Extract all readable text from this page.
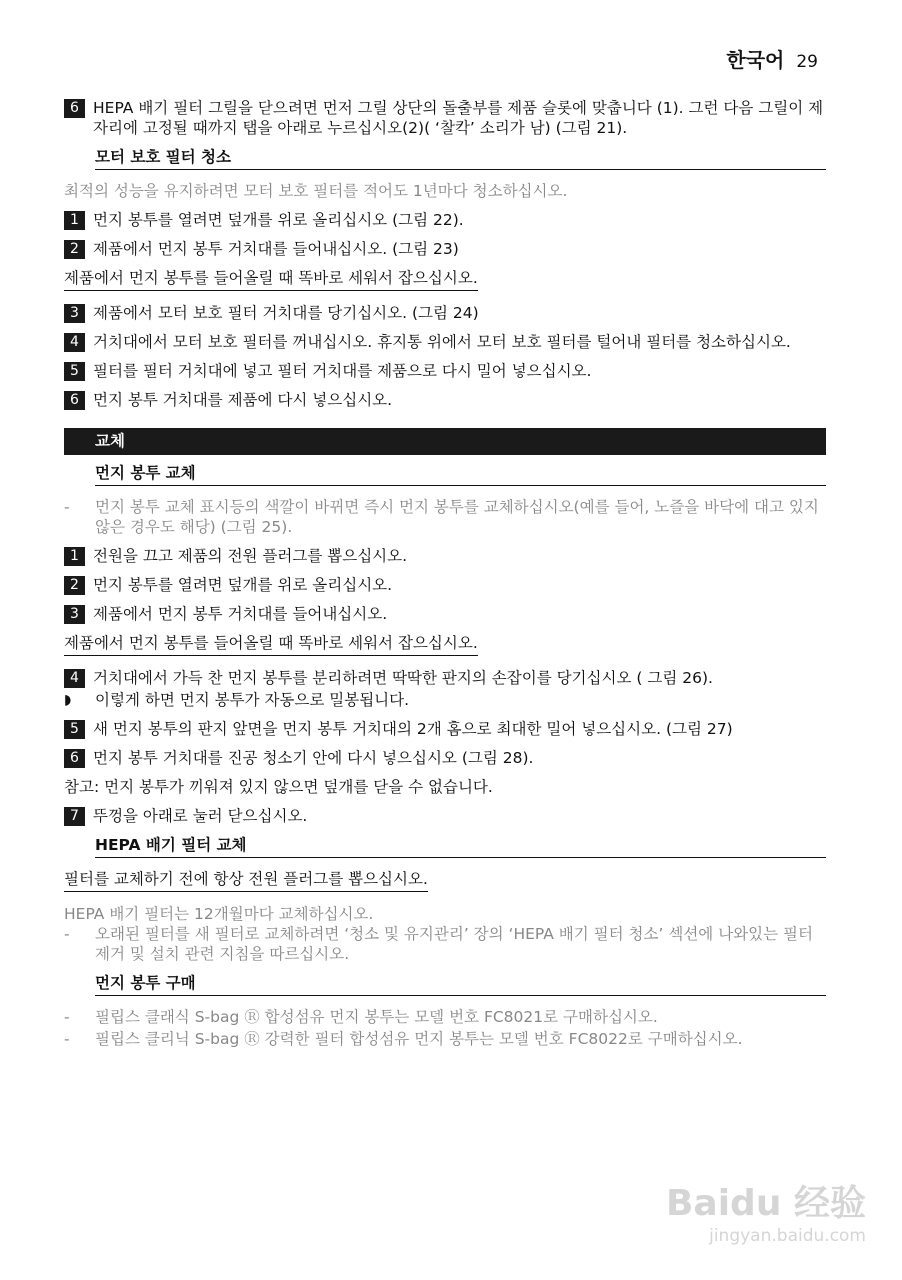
한국어 29
6 HEPA 배기 필터 그릴을 닫으려면 먼저 그릴 상단의 돌출부를 제품 슬롯에 맞춥니다 (1). 그런 다음 그릴이 제자리에 고정될 때까지 탭을 아래로 누르십시오(2)( ‘찰칵’ 소리가 남) (그림 21).
모터 보호 필터 청소
최적의 성능을 유지하려면 모터 보호 필터를 적어도 1년마다 청소하십시오.
1 먼지 봉투를 열려면 덮개를 위로 올리십시오 (그림 22).
2 제품에서 먼지 봉투 거치대를 들어내십시오. (그림 23)
제품에서 먼지 봉투를 들어올릴 때 똑바로 세워서 잡으십시오.
3 제품에서 모터 보호 필터 거치대를 당기십시오. (그림 24)
4 거치대에서 모터 보호 필터를 꺼내십시오. 휴지통 위에서 모터 보호 필터를 털어내 필터를 청소하십시오.
5 필터를 필터 거치대에 넣고 필터 거치대를 제품으로 다시 밀어 넣으십시오.
6 먼지 봉투 거치대를 제품에 다시 넣으십시오.
교체
먼지 봉투 교체
-	먼지 봉투 교체 표시등의 색깔이 바뀌면 즉시 먼지 봉투를 교체하십시오(예를 들어, 노즐을 바닥에 대고 있지 않은 경우도 해당) (그림 25).
1 전원을 끄고 제품의 전원 플러그를 뽑으십시오.
2 먼지 봉투를 열려면 덮개를 위로 올리십시오.
3 제품에서 먼지 봉투 거치대를 들어내십시오.
제품에서 먼지 봉투를 들어올릴 때 똑바로 세워서 잡으십시오.
4 거치대에서 가득 찬 먼지 봉투를 분리하려면 딱딱한 판지의 손잡이를 당기십시오 ( 그림 26).
◗	이렇게 하면 먼지 봉투가 자동으로 밀봉됩니다.
5 새 먼지 봉투의 판지 앞면을 먼지 봉투 거치대의 2개 홈으로 최대한 밀어 넣으십시오. (그림 27)
6 먼지 봉투 거치대를 진공 청소기 안에 다시 넣으십시오 (그림 28).
참고: 먼지 봉투가 끼워져 있지 않으면 덮개를 닫을 수 없습니다.
7 뚜껑을 아래로 눌러 닫으십시오.
HEPA 배기 필터 교체
필터를 교체하기 전에 항상 전원 플러그를 뽑으십시오.
HEPA 배기 필터는 12개월마다 교체하십시오.
-	오래된 필터를 새 필터로 교체하려면 ‘청소 및 유지관리’ 장의 ‘HEPA 배기 필터 청소’ 섹션에 나와있는 필터 제거 및 설치 관련 지침을 따르십시오.
먼지 봉투 구매
-	필립스 클래식 S-bag Ⓡ 합성섬유 먼지 봉투는 모델 번호 FC8021로 구매하십시오.
-	필립스 클리닉 S-bag Ⓡ 강력한 필터 합성섬유 먼지 봉투는 모델 번호 FC8022로 구매하십시오.
Baidu 经验
jingyan.baidu.com
